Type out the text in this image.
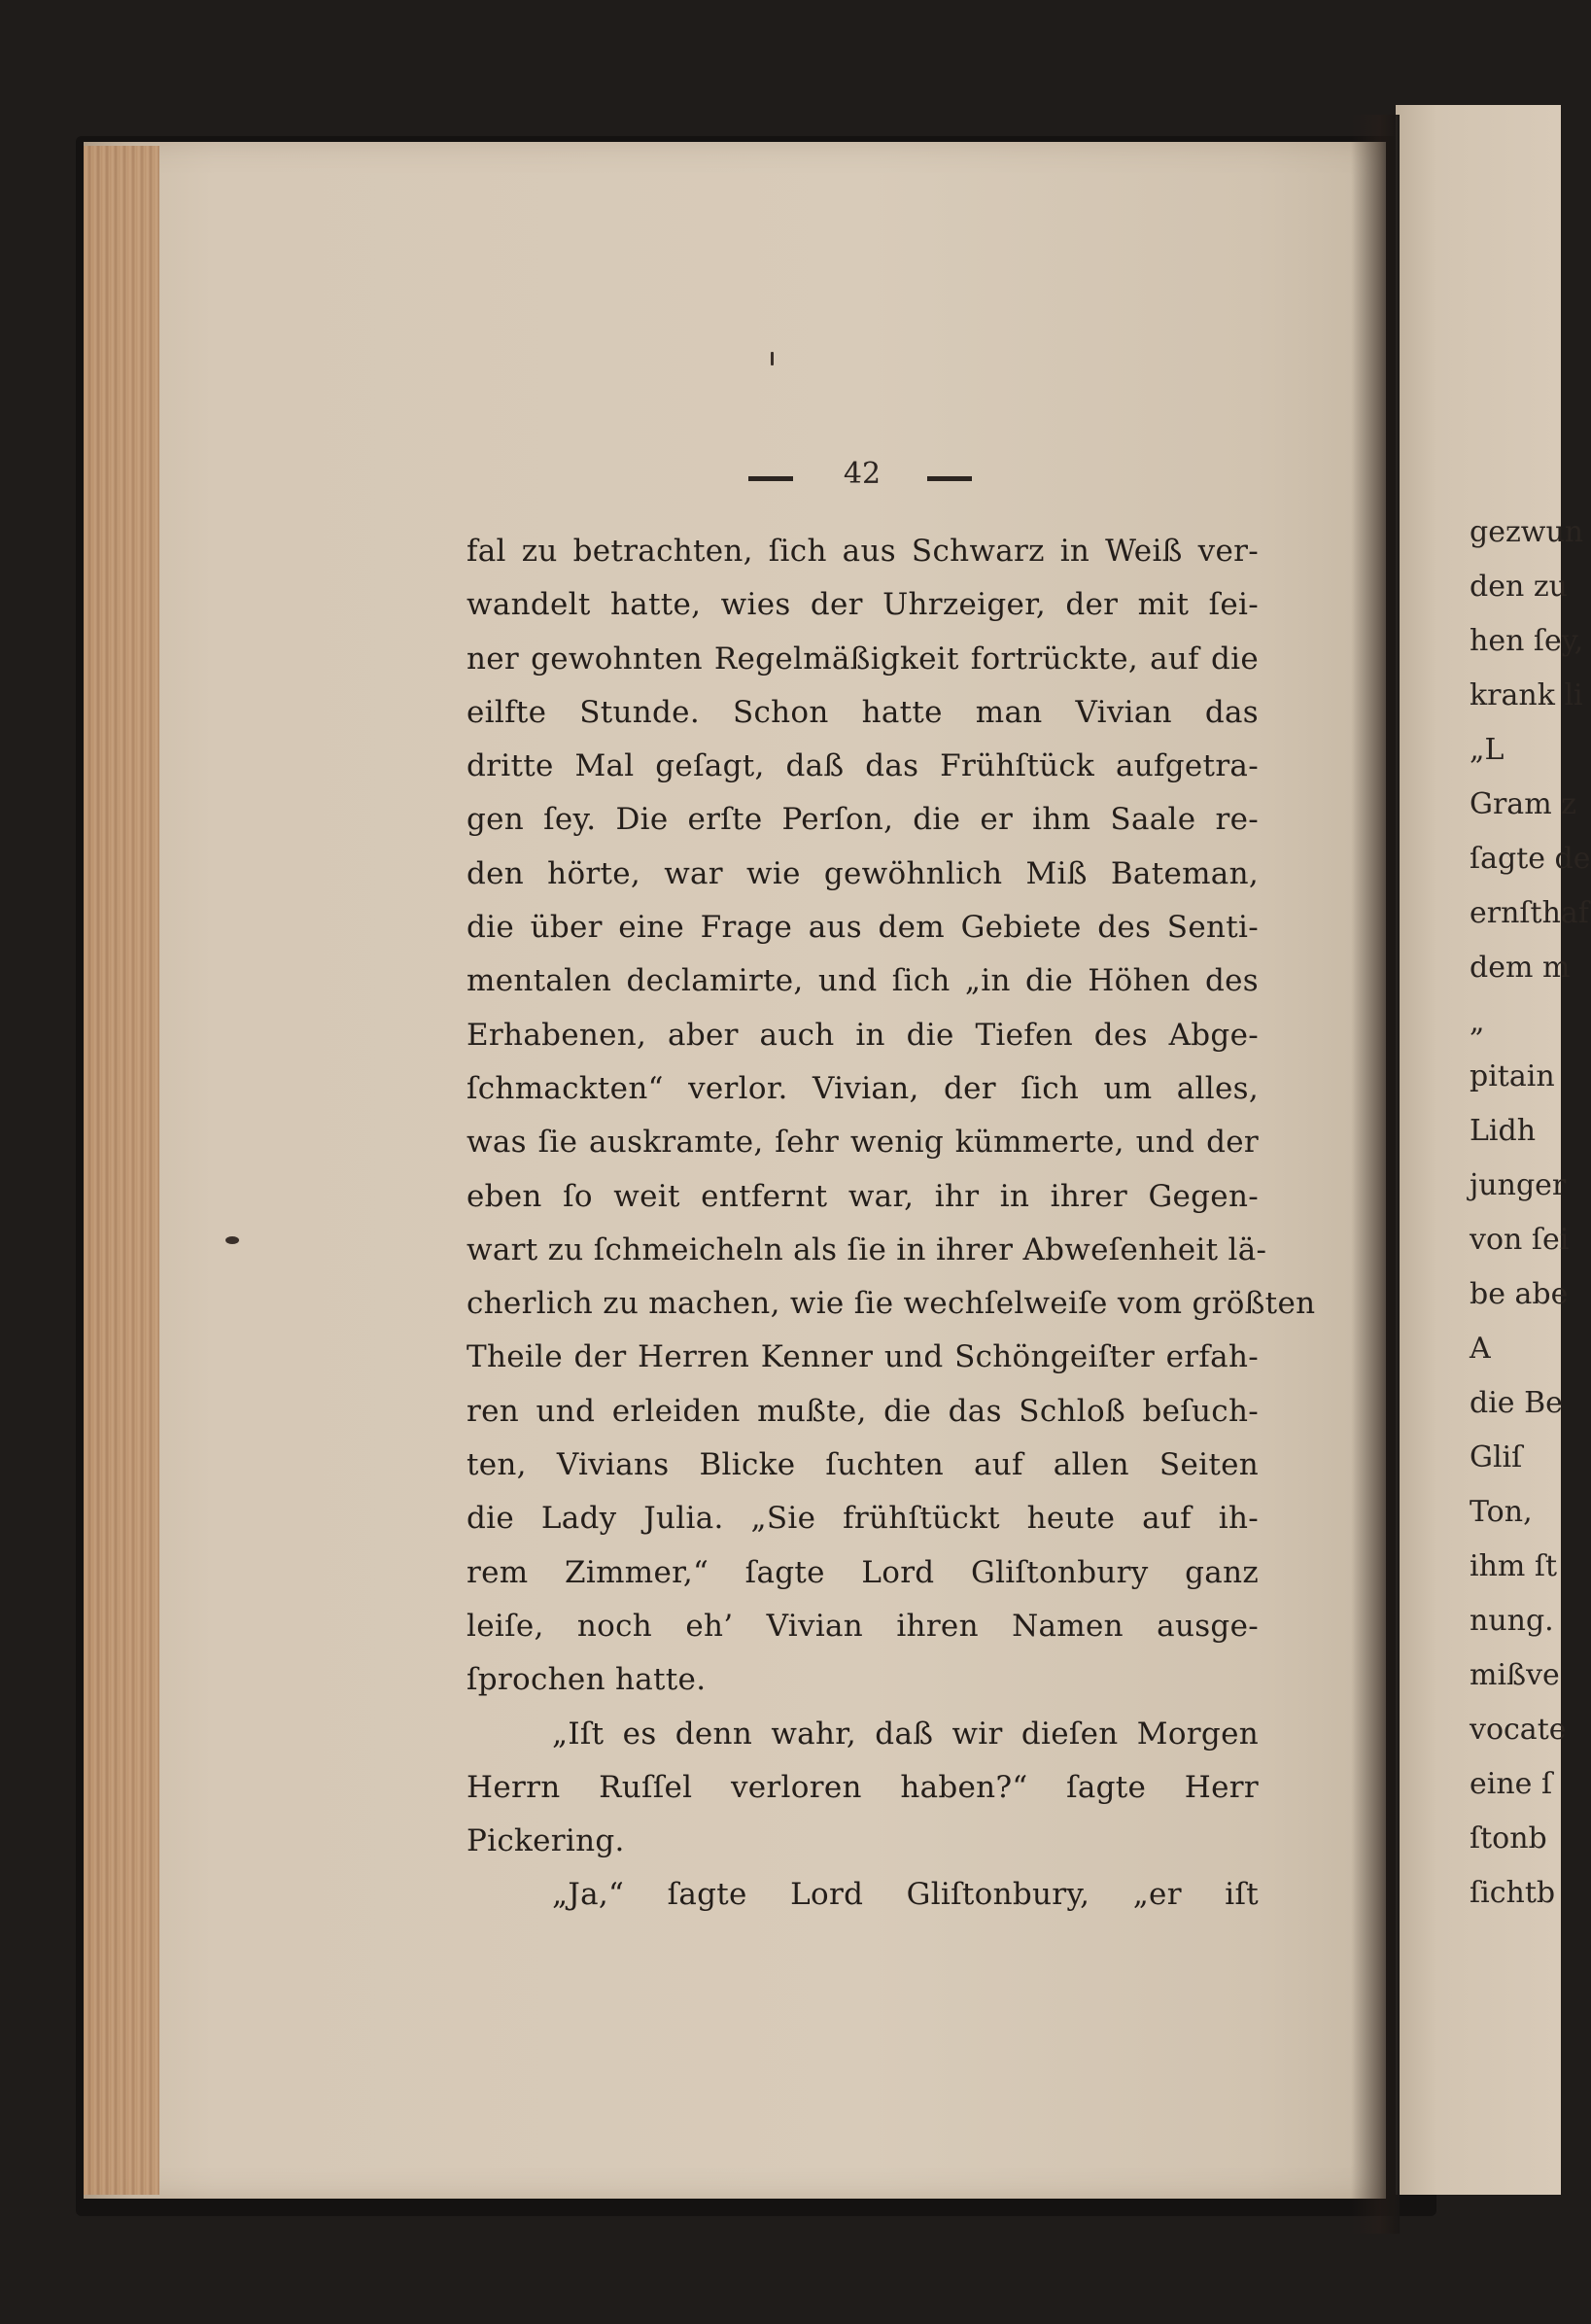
42
fal zu betrachten, ſich aus Schwarz in Weiß ver-
wandelt hatte, wies der Uhrzeiger, der mit ſei-
ner gewohnten Regelmäßigkeit fortrückte, auf die
eilfte Stunde. Schon hatte man Vivian das
dritte Mal geſagt, daß das Frühſtück aufgetra-
gen ſey. Die erſte Perſon, die er ihm Saale re-
den hörte, war wie gewöhnlich Miß Bateman,
die über eine Frage aus dem Gebiete des Senti-
mentalen declamirte, und ſich „in die Höhen des
Erhabenen, aber auch in die Tiefen des Abge-
ſchmackten“ verlor. Vivian, der ſich um alles,
was ſie auskramte, ſehr wenig kümmerte, und der
eben ſo weit entfernt war, ihr in ihrer Gegen-
wart zu ſchmeicheln als ſie in ihrer Abweſenheit lä-
cherlich zu machen, wie ſie wechſelweiſe vom größten
Theile der Herren Kenner und Schöngeiſter erfah-
ren und erleiden mußte, die das Schloß beſuch-
ten, Vivians Blicke ſuchten auf allen Seiten
die Lady Julia. „Sie frühſtückt heute auf ih-
rem Zimmer,“ ſagte Lord Gliſtonbury ganz
leiſe, noch eh’ Vivian ihren Namen ausge-
ſprochen hatte.
„Iſt es denn wahr, daß wir dieſen Morgen
Herrn Ruſſel verloren haben?“ ſagte Herr
Pickering.
„Ja,“ ſagte Lord Gliſtonbury, „er iſt
gezwun
den zu
hen ſey,
krank li
„L
Gram z
ſagte de
ernſthaf
dem m
„
pitain
Lidh
junger
von ſei
be abe
A
die Be
Gliſ
Ton,
ihm ſt
nung.
mißve
vocate
eine ſ
ſtonb
ſichtb
